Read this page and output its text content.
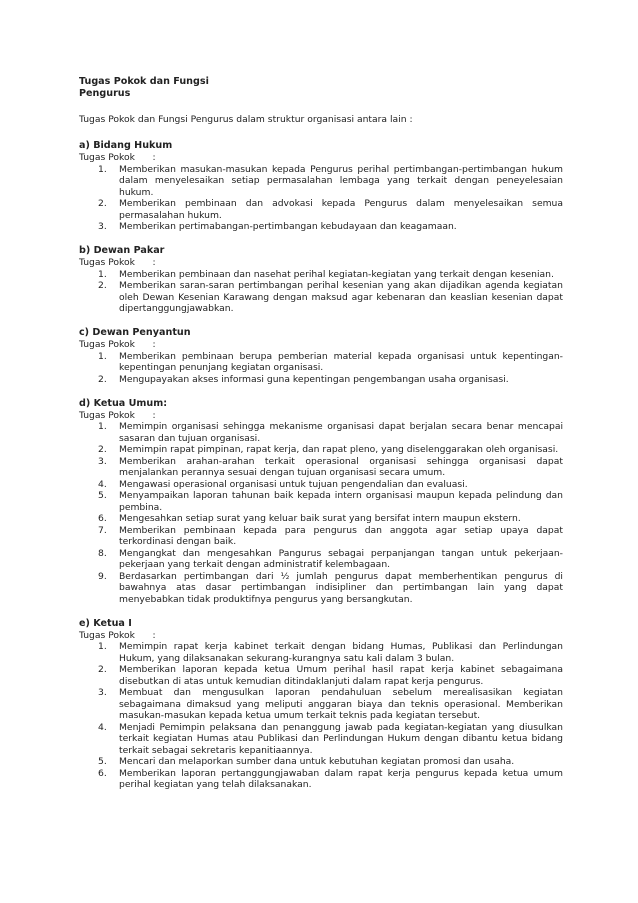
Tugas Pokok dan Fungsi
Pengurus

Tugas Pokok dan Fungsi Pengurus dalam struktur organisasi antara lain :

a) Bidang Hukum

Tugas Pokok      :

1.	Memberikan masukan-masukan kepada Pengurus perihal pertimbangan-pertimbangan hukum dalam menyelesaikan setiap permasalahan lembaga yang terkait dengan peneyelesaian hukum.
2.	Memberikan pembinaan dan advokasi kepada Pengurus dalam menyelesaikan semua permasalahan hukum.
3.	Memberikan pertimabangan-pertimbangan kebudayaan dan keagamaan.

b) Dewan Pakar

Tugas Pokok      :

1.	Memberikan pembinaan dan nasehat perihal kegiatan-kegiatan yang terkait dengan kesenian.
2.	Memberikan saran-saran pertimbangan perihal kesenian yang akan dijadikan agenda kegiatan oleh Dewan Kesenian Karawang dengan maksud agar kebenaran dan keaslian kesenian dapat dipertanggungjawabkan.

c) Dewan Penyantun

Tugas Pokok      :

1.	Memberikan pembinaan berupa pemberian material kepada organisasi untuk kepentingan-kepentingan penunjang kegiatan organisasi.
2.	Mengupayakan akses informasi guna kepentingan pengembangan usaha organisasi.

d) Ketua Umum:

Tugas Pokok      :

1.	Memimpin organisasi sehingga mekanisme organisasi dapat berjalan secara benar mencapai sasaran dan tujuan organisasi.
2.	Memimpin rapat pimpinan, rapat kerja, dan rapat pleno, yang diselenggarakan oleh organisasi.
3.	Memberikan arahan-arahan terkait operasional organisasi sehingga organisasi dapat menjalankan perannya sesuai dengan tujuan organisasi secara umum.
4.	Mengawasi operasional organisasi untuk tujuan pengendalian dan evaluasi.
5.	Menyampaikan laporan tahunan baik kepada intern organisasi maupun kepada pelindung dan pembina.
6.	Mengesahkan setiap surat yang keluar baik surat yang bersifat intern maupun ekstern.
7.	Memberikan pembinaan kepada para pengurus dan anggota agar setiap upaya dapat terkordinasi dengan baik.
8.	Mengangkat dan mengesahkan Pangurus sebagai perpanjangan tangan untuk pekerjaan-pekerjaan yang terkait dengan administratif kelembagaan.
9.	Berdasarkan pertimbangan dari ½ jumlah pengurus dapat memberhentikan pengurus di bawahnya atas dasar pertimbangan indisipliner dan pertimbangan lain yang dapat menyebabkan tidak produktifnya pengurus yang bersangkutan.

e) Ketua I

Tugas Pokok      :

1.	Memimpin rapat kerja kabinet terkait dengan bidang Humas, Publikasi dan Perlindungan Hukum, yang dilaksanakan sekurang-kurangnya satu kali dalam 3 bulan.
2.	Memberikan laporan kepada ketua Umum perihal hasil rapat kerja kabinet sebagaimana disebutkan di atas untuk kemudian ditindaklanjuti dalam rapat kerja pengurus.
3.	Membuat dan mengusulkan laporan pendahuluan sebelum merealisasikan kegiatan sebagaimana dimaksud yang meliputi anggaran biaya dan teknis operasional. Memberikan masukan-masukan kepada ketua umum terkait teknis pada kegiatan tersebut.
4.	Menjadi Pemimpin pelaksana dan penanggung jawab pada kegiatan-kegiatan yang diusulkan terkait kegiatan Humas atau Publikasi dan Perlindungan Hukum dengan dibantu ketua bidang terkait sebagai sekretaris kepanitiaannya.
5.	Mencari dan melaporkan sumber dana untuk kebutuhan kegiatan promosi dan usaha.
6.	Memberikan laporan pertanggungjawaban dalam rapat kerja pengurus kepada ketua umum perihal kegiatan yang telah dilaksanakan.
